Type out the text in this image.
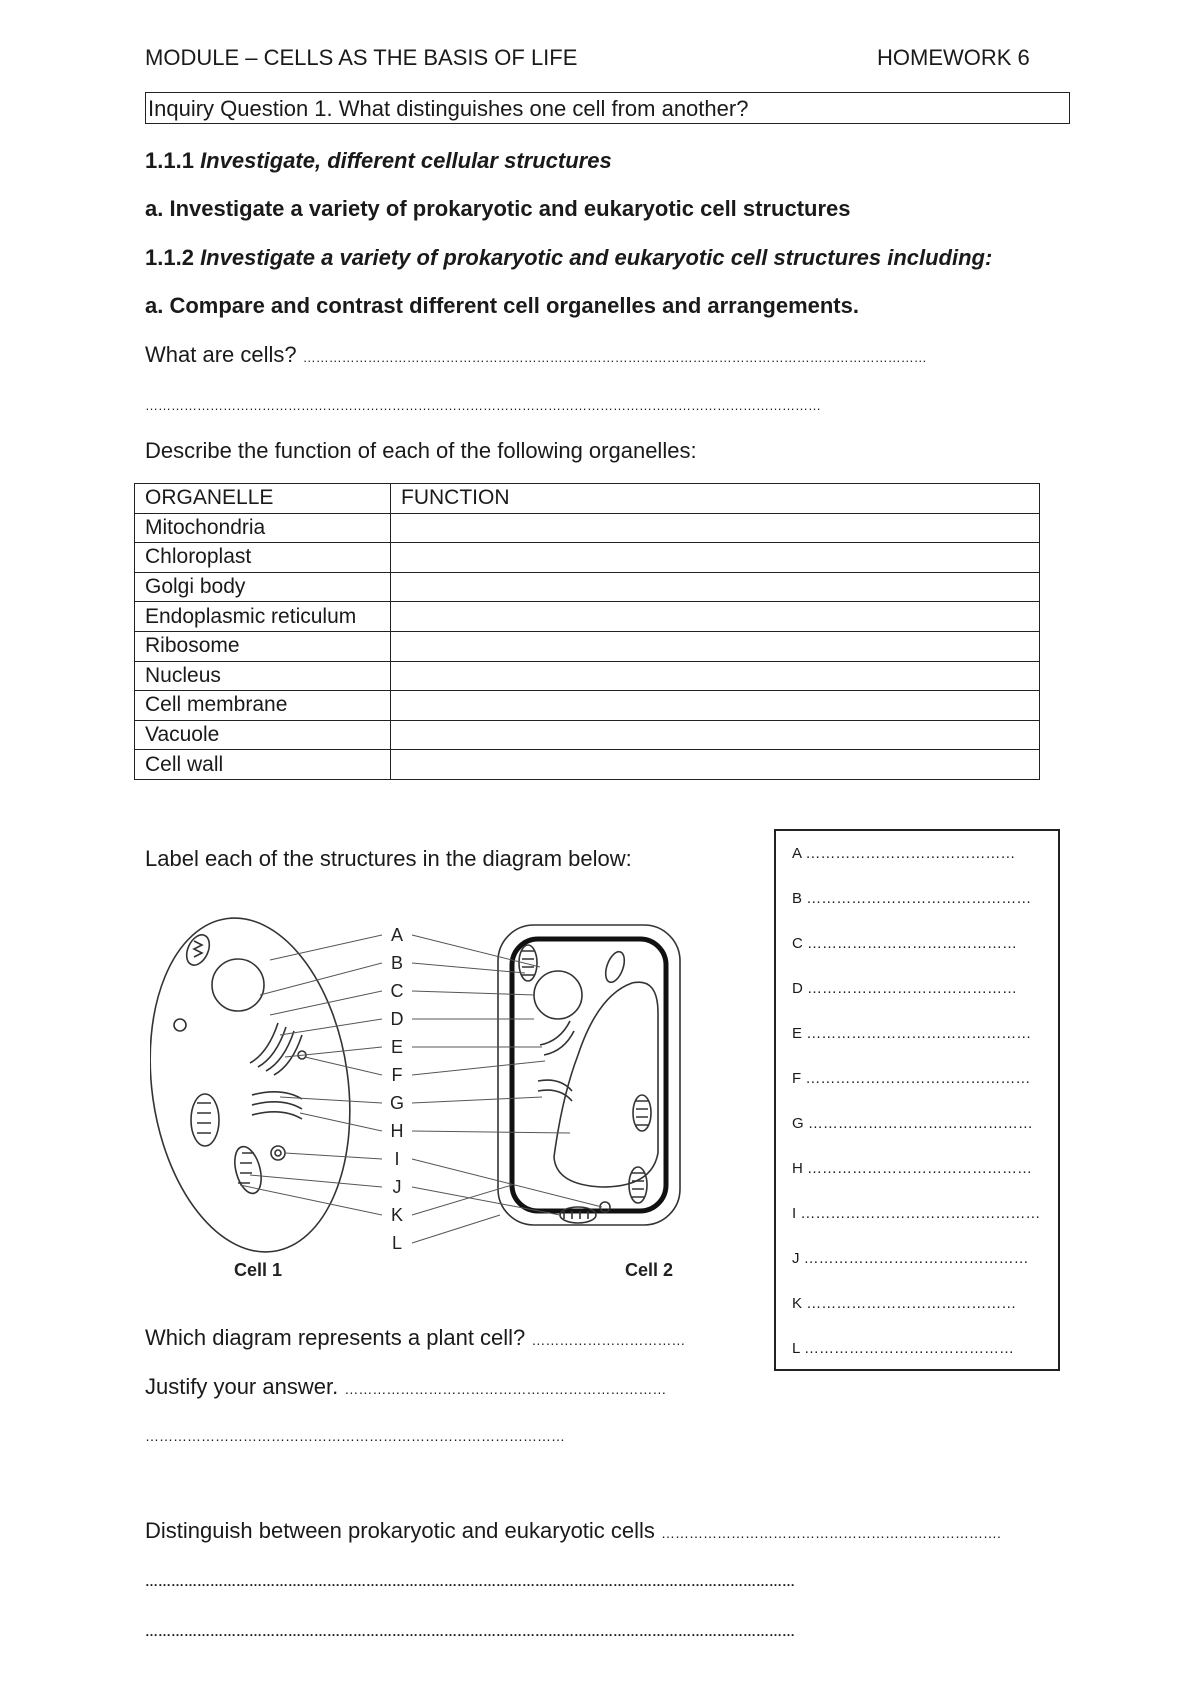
MODULE – CELLS AS THE BASIS OF LIFE	HOMEWORK 6
Inquiry Question 1. What distinguishes one cell from another?
1.1.1 Investigate, different cellular structures
a. Investigate a variety of prokaryotic and eukaryotic cell structures
1.1.2 Investigate a variety of prokaryotic and eukaryotic cell structures including:
a. Compare and contrast different cell organelles and arrangements.
What are cells? ………………………………………………………………………………………………………………………………
…………………………………………………………………………………………………………………………………………
Describe the function of each of the following organelles:
ORGANELLE	FUNCTION
Mitochondria	
Chloroplast	
Golgi body	
Endoplasmic reticulum	
Ribosome	
Nucleus	
Cell membrane	
Vacuole	
Cell wall	
Label each of the structures in the diagram below:
A
B
C
D
E
F
G
H
I
J
K
L
Cell 1	Cell 2
A ……………………………………
B ………………………………………
C ……………………………………
D ……………………………………
E ………………………………………
F ………………………………………
G ………………………………………
H ………………………………………
I …………………………………………
J ………………………………………
K ……………………………………
L ……………………………………
Which diagram represents a plant cell? ……………………………
Justify your answer. ……………………………………………………………
………………………………………………………………………………
Distinguish between prokaryotic and eukaryotic cells ……………………………………………………………….
……………………………………………………………………………………………………………………………………
……………………………………………………………………………………………………………………………………
